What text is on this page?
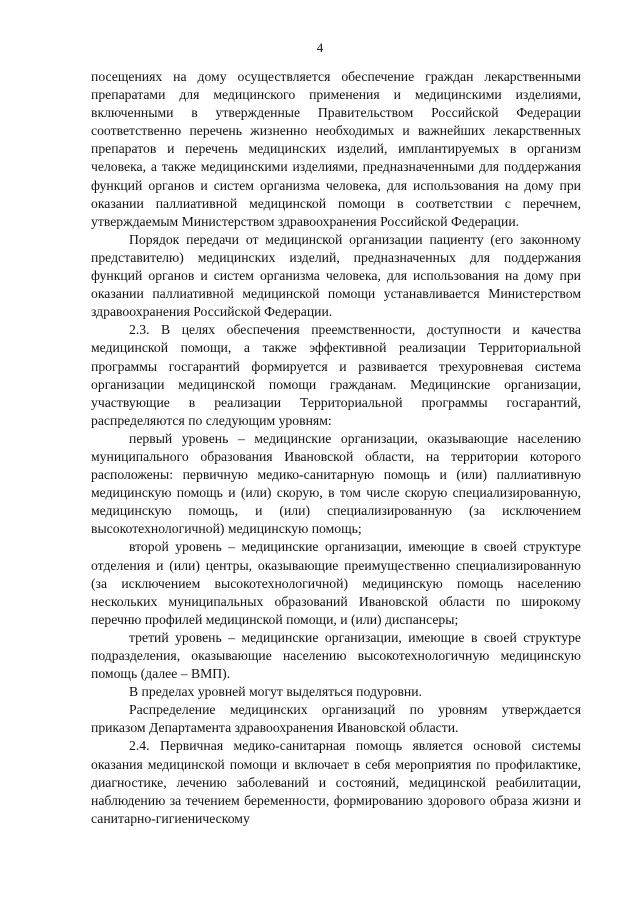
4

посещениях на дому осуществляется обеспечение граждан лекарственными препаратами для медицинского применения и медицинскими изделиями, включенными в утвержденные Правительством Российской Федерации соответственно перечень жизненно необходимых и важнейших лекарственных препаратов и перечень медицинских изделий, имплантируемых в организм человека, а также медицинскими изделиями, предназначенными для поддержания функций органов и систем организма человека, для использования на дому при оказании паллиативной медицинской помощи в соответствии с перечнем, утверждаемым Министерством здравоохранения Российской Федерации.

Порядок передачи от медицинской организации пациенту (его законному представителю) медицинских изделий, предназначенных для поддержания функций органов и систем организма человека, для использования на дому при оказании паллиативной медицинской помощи устанавливается Министерством здравоохранения Российской Федерации.

2.3. В целях обеспечения преемственности, доступности и качества медицинской помощи, а также эффективной реализации Территориальной программы госгарантий формируется и развивается трехуровневая система организации медицинской помощи гражданам. Медицинские организации, участвующие в реализации Территориальной программы госгарантий, распределяются по следующим уровням:

первый уровень – медицинские организации, оказывающие населению муниципального образования Ивановской области, на территории которого расположены: первичную медико-санитарную помощь и (или) паллиативную медицинскую помощь и (или) скорую, в том числе скорую специализированную, медицинскую помощь, и (или) специализированную (за исключением высокотехнологичной) медицинскую помощь;

второй уровень – медицинские организации, имеющие в своей структуре отделения и (или) центры, оказывающие преимущественно специализированную (за исключением высокотехнологичной) медицинскую помощь населению нескольких муниципальных образований Ивановской области по широкому перечню профилей медицинской помощи, и (или) диспансеры;

третий уровень – медицинские организации, имеющие в своей структуре подразделения, оказывающие населению высокотехнологичную медицинскую помощь (далее – ВМП).

В пределах уровней могут выделяться подуровни.

Распределение медицинских организаций по уровням утверждается приказом Департамента здравоохранения Ивановской области.

2.4. Первичная медико-санитарная помощь является основой системы оказания медицинской помощи и включает в себя мероприятия по профилактике, диагностике, лечению заболеваний и состояний, медицинской реабилитации, наблюдению за течением беременности, формированию здорового образа жизни и санитарно-гигиеническому
